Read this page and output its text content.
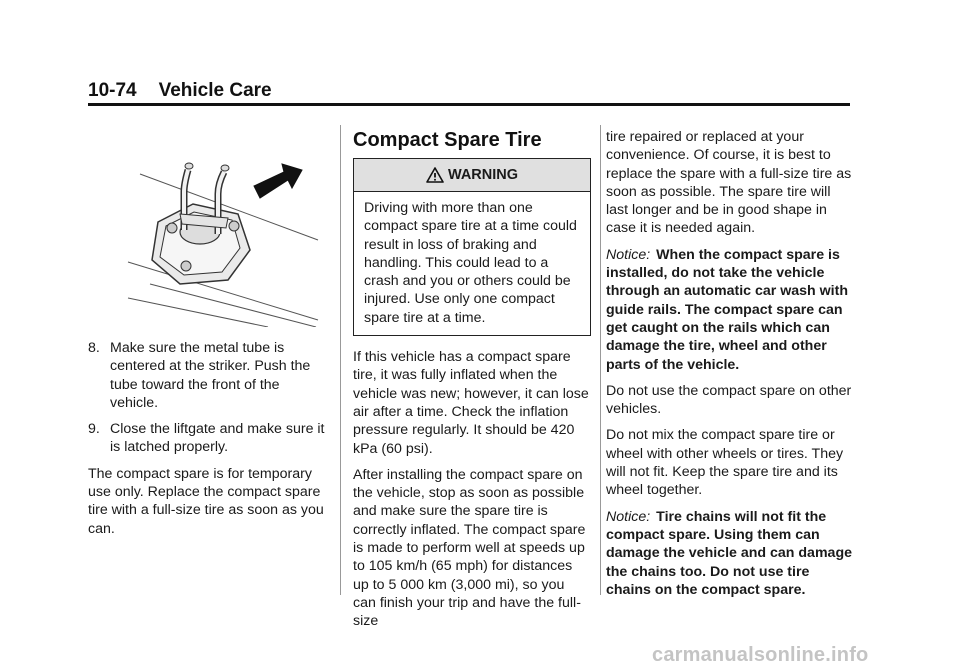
10-74 Vehicle Care
8. Make sure the metal tube is centered at the striker. Push the tube toward the front of the vehicle.
9. Close the liftgate and make sure it is latched properly.

The compact spare is for temporary use only. Replace the compact spare tire with a full-size tire as soon as you can.

Compact Spare Tire
WARNING
Driving with more than one compact spare tire at a time could result in loss of braking and handling. This could lead to a crash and you or others could be injured. Use only one compact spare tire at a time.

If this vehicle has a compact spare tire, it was fully inflated when the vehicle was new; however, it can lose air after a time. Check the inflation pressure regularly. It should be 420 kPa (60 psi).

After installing the compact spare on the vehicle, stop as soon as possible and make sure the spare tire is correctly inflated. The compact spare is made to perform well at speeds up to 105 km/h (65 mph) for distances up to 5 000 km (3,000 mi), so you can finish your trip and have the full-size

tire repaired or replaced at your convenience. Of course, it is best to replace the spare with a full-size tire as soon as possible. The spare tire will last longer and be in good shape in case it is needed again.

Notice: When the compact spare is installed, do not take the vehicle through an automatic car wash with guide rails. The compact spare can get caught on the rails which can damage the tire, wheel and other parts of the vehicle.

Do not use the compact spare on other vehicles.

Do not mix the compact spare tire or wheel with other wheels or tires. They will not fit. Keep the spare tire and its wheel together.

Notice: Tire chains will not fit the compact spare. Using them can damage the vehicle and can damage the chains too. Do not use tire chains on the compact spare.

carmanualsonline.info
